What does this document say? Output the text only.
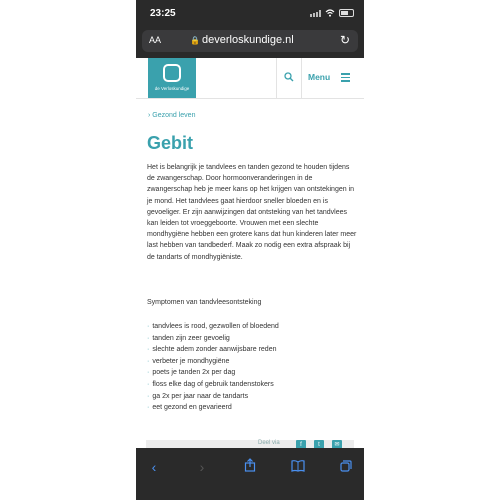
23:25
AA	🔒 deverloskundige.nl	↻
de Verloskundige
Menu
› Gezond leven
Gebit

Het is belangrijk je tandvlees en tanden gezond te houden tijdens de zwangerschap. Door hormoonveranderingen in de zwangerschap heb je meer kans op het krijgen van ontstekingen in je mond. Het tandvlees gaat hierdoor sneller bloeden en is gevoeliger. Er zijn aanwijzingen dat ontsteking van het tandvlees kan leiden tot vroeggeboorte. Vrouwen met een slechte mondhygiëne hebben een grotere kans dat hun kinderen later meer last hebben van tandbederf. Maak zo nodig een extra afspraak bij de tandarts of mondhygiëniste.

Symptomen van tandvleesontsteking
· tandvlees is rood, gezwollen of bloedend
· tanden zijn zeer gevoelig
· slechte adem zonder aanwijsbare reden
· verbeter je mondhygiëne
· poets je tanden 2x per dag
· floss elke dag of gebruik tandenstokers
· ga 2x per jaar naar de tandarts
· eet gezond en gevarieerd
Deel via	f	t	✉
‹	›
